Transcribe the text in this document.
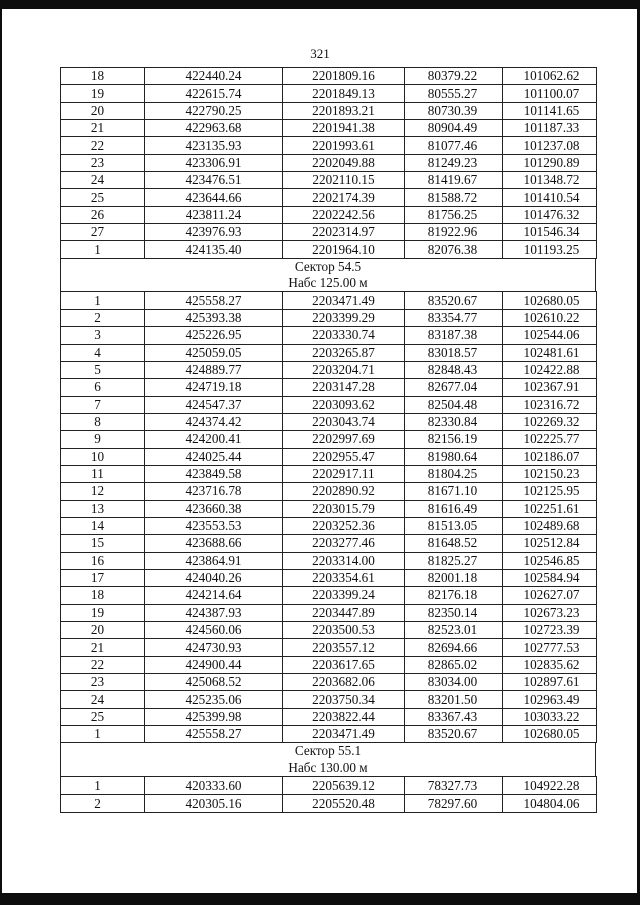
321
18	422440.24	2201809.16	80379.22	101062.62
19	422615.74	2201849.13	80555.27	101100.07
20	422790.25	2201893.21	80730.39	101141.65
21	422963.68	2201941.38	80904.49	101187.33
22	423135.93	2201993.61	81077.46	101237.08
23	423306.91	2202049.88	81249.23	101290.89
24	423476.51	2202110.15	81419.67	101348.72
25	423644.66	2202174.39	81588.72	101410.54
26	423811.24	2202242.56	81756.25	101476.32
27	423976.93	2202314.97	81922.96	101546.34
1	424135.40	2201964.10	82076.38	101193.25
Сектор 54.5
Набс 125.00 м
1	425558.27	2203471.49	83520.67	102680.05
2	425393.38	2203399.29	83354.77	102610.22
3	425226.95	2203330.74	83187.38	102544.06
4	425059.05	2203265.87	83018.57	102481.61
5	424889.77	2203204.71	82848.43	102422.88
6	424719.18	2203147.28	82677.04	102367.91
7	424547.37	2203093.62	82504.48	102316.72
8	424374.42	2203043.74	82330.84	102269.32
9	424200.41	2202997.69	82156.19	102225.77
10	424025.44	2202955.47	81980.64	102186.07
11	423849.58	2202917.11	81804.25	102150.23
12	423716.78	2202890.92	81671.10	102125.95
13	423660.38	2203015.79	81616.49	102251.61
14	423553.53	2203252.36	81513.05	102489.68
15	423688.66	2203277.46	81648.52	102512.84
16	423864.91	2203314.00	81825.27	102546.85
17	424040.26	2203354.61	82001.18	102584.94
18	424214.64	2203399.24	82176.18	102627.07
19	424387.93	2203447.89	82350.14	102673.23
20	424560.06	2203500.53	82523.01	102723.39
21	424730.93	2203557.12	82694.66	102777.53
22	424900.44	2203617.65	82865.02	102835.62
23	425068.52	2203682.06	83034.00	102897.61
24	425235.06	2203750.34	83201.50	102963.49
25	425399.98	2203822.44	83367.43	103033.22
1	425558.27	2203471.49	83520.67	102680.05
Сектор 55.1
Набс 130.00 м
1	420333.60	2205639.12	78327.73	104922.28
2	420305.16	2205520.48	78297.60	104804.06
